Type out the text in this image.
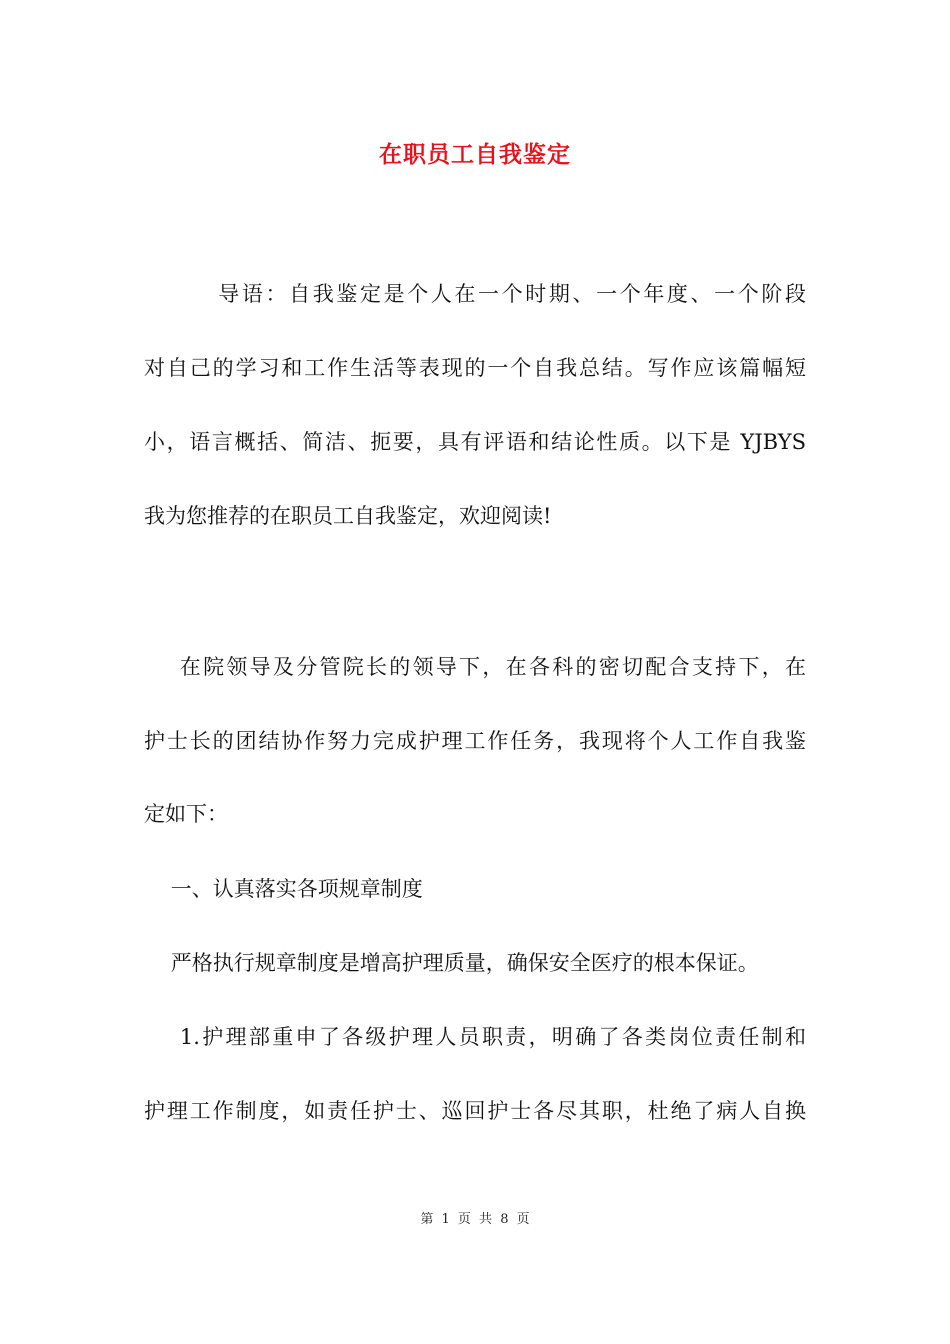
在职员工自我鉴定
导语：自我鉴定是个人在一个时期、一个年度、一个阶段
对自己的学习和工作生活等表现的一个自我总结。写作应该篇幅短
小，语言概括、简洁、扼要，具有评语和结论性质。以下是 YJBYS
我为您推荐的在职员工自我鉴定，欢迎阅读!
在院领导及分管院长的领导下，在各科的密切配合支持下，在
护士长的团结协作努力完成护理工作任务，我现将个人工作自我鉴
定如下：
一、认真落实各项规章制度
严格执行规章制度是增高护理质量，确保安全医疗的根本保证。
1.护理部重申了各级护理人员职责，明确了各类岗位责任制和
护理工作制度，如责任护士、巡回护士各尽其职，杜绝了病人自换
第 1 页 共 8 页
